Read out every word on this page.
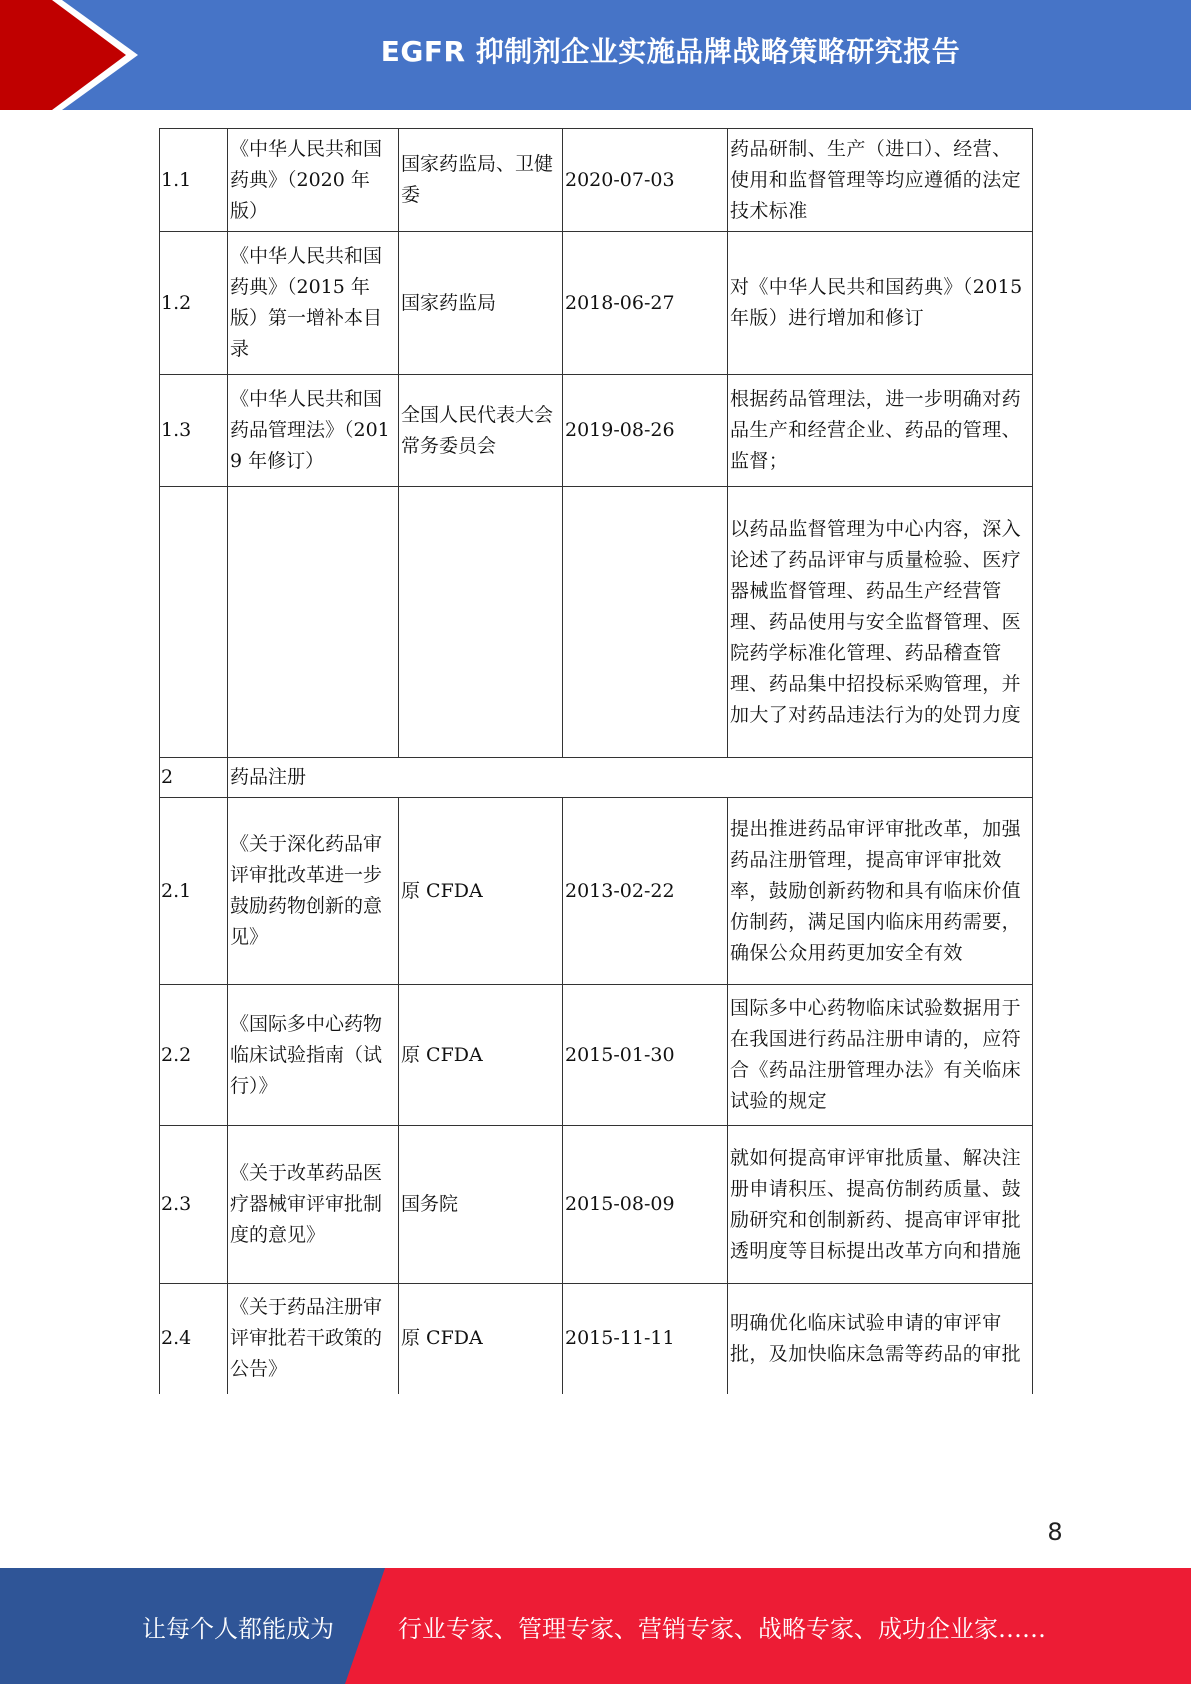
EGFR 抑制剂企业实施品牌战略策略研究报告
1.1	《中华人民共和国药典》（2020 年版）	国家药监局、卫健委	2020-07-03	药品研制、生产（进口）、经营、使用和监督管理等均应遵循的法定技术标准
1.2	《中华人民共和国药典》（2015 年版）第一增补本目录	国家药监局	2018-06-27	对《中华人民共和国药典》（2015 年版）进行增加和修订
1.3	《中华人民共和国药品管理法》（2019 年修订）	全国人民代表大会常务委员会	2019-08-26	根据药品管理法，进一步明确对药品生产和经营企业、药品的管理、监督；
				以药品监督管理为中心内容，深入论述了药品评审与质量检验、医疗器械监督管理、药品生产经营管理、药品使用与安全监督管理、医院药学标准化管理、药品稽查管理、药品集中招投标采购管理，并加大了对药品违法行为的处罚力度
2	药品注册			
2.1	《关于深化药品审评审批改革进一步鼓励药物创新的意见》	原 CFDA	2013-02-22	提出推进药品审评审批改革，加强药品注册管理，提高审评审批效率，鼓励创新药物和具有临床价值仿制药，满足国内临床用药需要，确保公众用药更加安全有效
2.2	《国际多中心药物临床试验指南（试行）》	原 CFDA	2015-01-30	国际多中心药物临床试验数据用于在我国进行药品注册申请的，应符合《药品注册管理办法》有关临床试验的规定
2.3	《关于改革药品医疗器械审评审批制度的意见》	国务院	2015-08-09	就如何提高审评审批质量、解决注册申请积压、提高仿制药质量、鼓励研究和创制新药、提高审评审批透明度等目标提出改革方向和措施
2.4	《关于药品注册审评审批若干政策的公告》	原 CFDA	2015-11-11	明确优化临床试验申请的审评审批，及加快临床急需等药品的审批
8
让每个人都能成为	行业专家、管理专家、营销专家、战略专家、成功企业家……
